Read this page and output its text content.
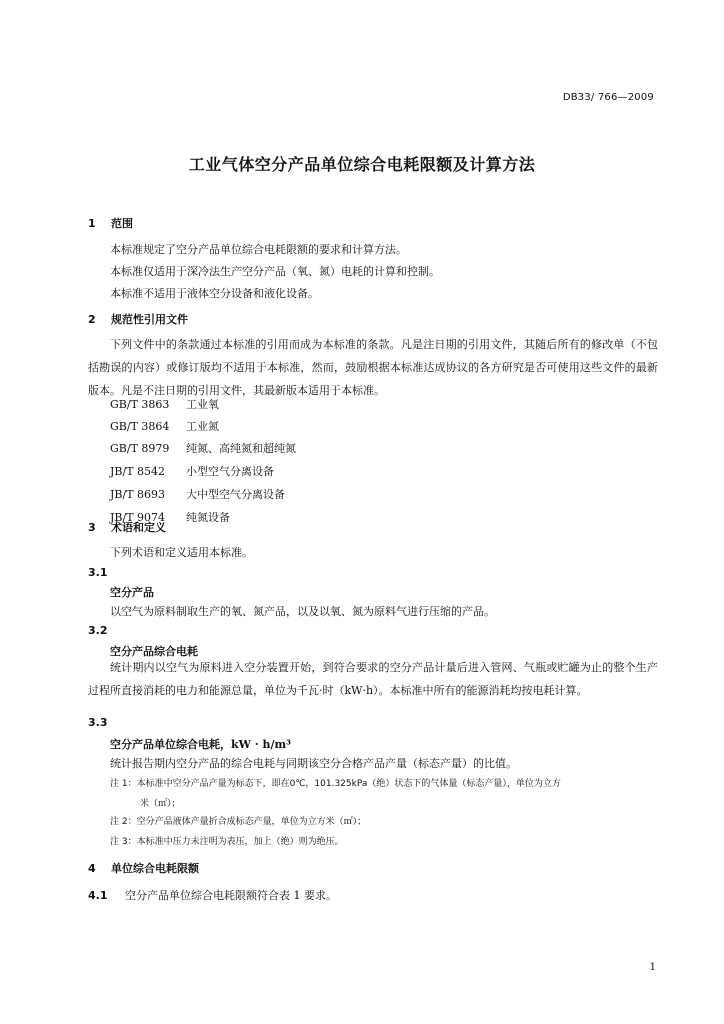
DB33/ 766—2009
工业气体空分产品单位综合电耗限额及计算方法
1 范围
本标准规定了空分产品单位综合电耗限额的要求和计算方法。
本标准仅适用于深冷法生产空分产品（氧、氮）电耗的计算和控制。
本标准不适用于液体空分设备和液化设备。
2 规范性引用文件
下列文件中的条款通过本标准的引用而成为本标准的条款。凡是注日期的引用文件，其随后所有的修改单（不包括勘误的内容）或修订版均不适用于本标准，然而，鼓励根据本标准达成协议的各方研究是否可使用这些文件的最新版本。凡是不注日期的引用文件，其最新版本适用于本标准。
GB/T 3863 工业氧
GB/T 3864 工业氮
GB/T 8979 纯氮、高纯氮和超纯氮
JB/T 8542 小型空气分离设备
JB/T 8693 大中型空气分离设备
JB/T 9074 纯氮设备
3 术语和定义
下列术语和定义适用本标准。
3.1
空分产品
以空气为原料制取生产的氧、氮产品，以及以氧、氮为原料气进行压缩的产品。
3.2
空分产品综合电耗
统计期内以空气为原料进入空分装置开始，到符合要求的空分产品计量后进入管网、气瓶或贮罐为止的整个生产过程所直接消耗的电力和能源总量，单位为千瓦·时（kW·h）。本标准中所有的能源消耗均按电耗计算。
3.3
空分产品单位综合电耗，kW · h/m³
统计报告期内空分产品的综合电耗与同期该空分合格产品产量（标态产量）的比值。
注 1：本标准中空分产品产量为标态下，即在0℃，101.325kPa（绝）状态下的气体量（标态产量），单位为立方
米（㎡）；
注 2：空分产品液体产量折合成标态产量，单位为立方米（㎡）；
注 3：本标准中压力未注明为表压，加上（绝）则为绝压。
4 单位综合电耗限额
4.1 空分产品单位综合电耗限额符合表 1 要求。
1
